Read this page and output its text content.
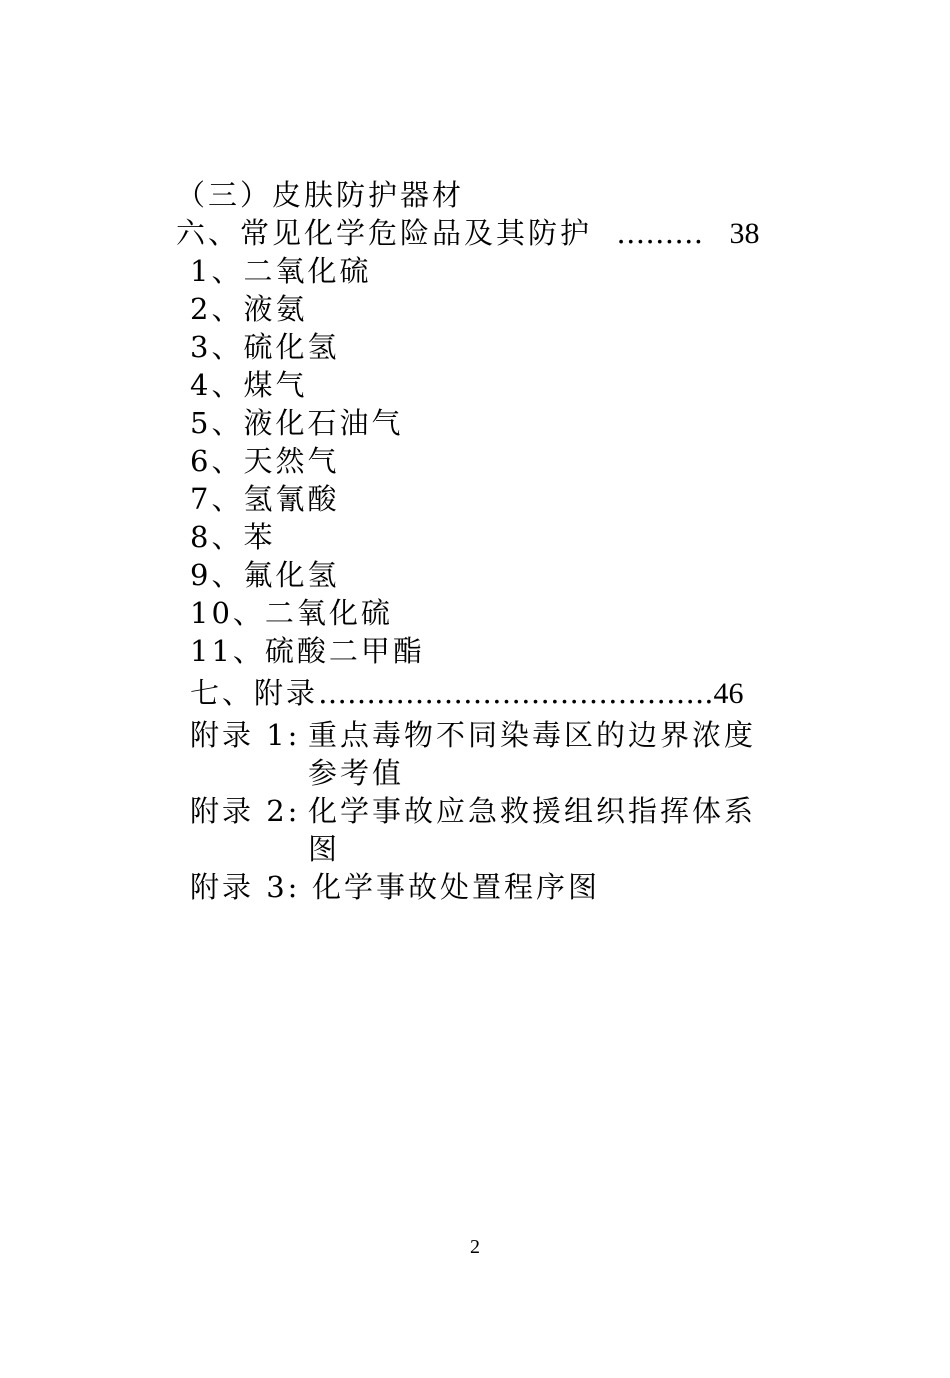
（三）皮肤防护器材
六、常见化学危险品及其防护 ……… 38
1、二氧化硫
2、液氨
3、硫化氢
4、煤气
5、液化石油气
6、天然气
7、氢氰酸
8、苯
9、氟化氢
10、二氧化硫
11、硫酸二甲酯
七、附录…………………………………..46
附录 1: 重点毒物不同染毒区的边界浓度
参考值
附录 2: 化学事故应急救援组织指挥体系
图
附录 3: 化学事故处置程序图
2
